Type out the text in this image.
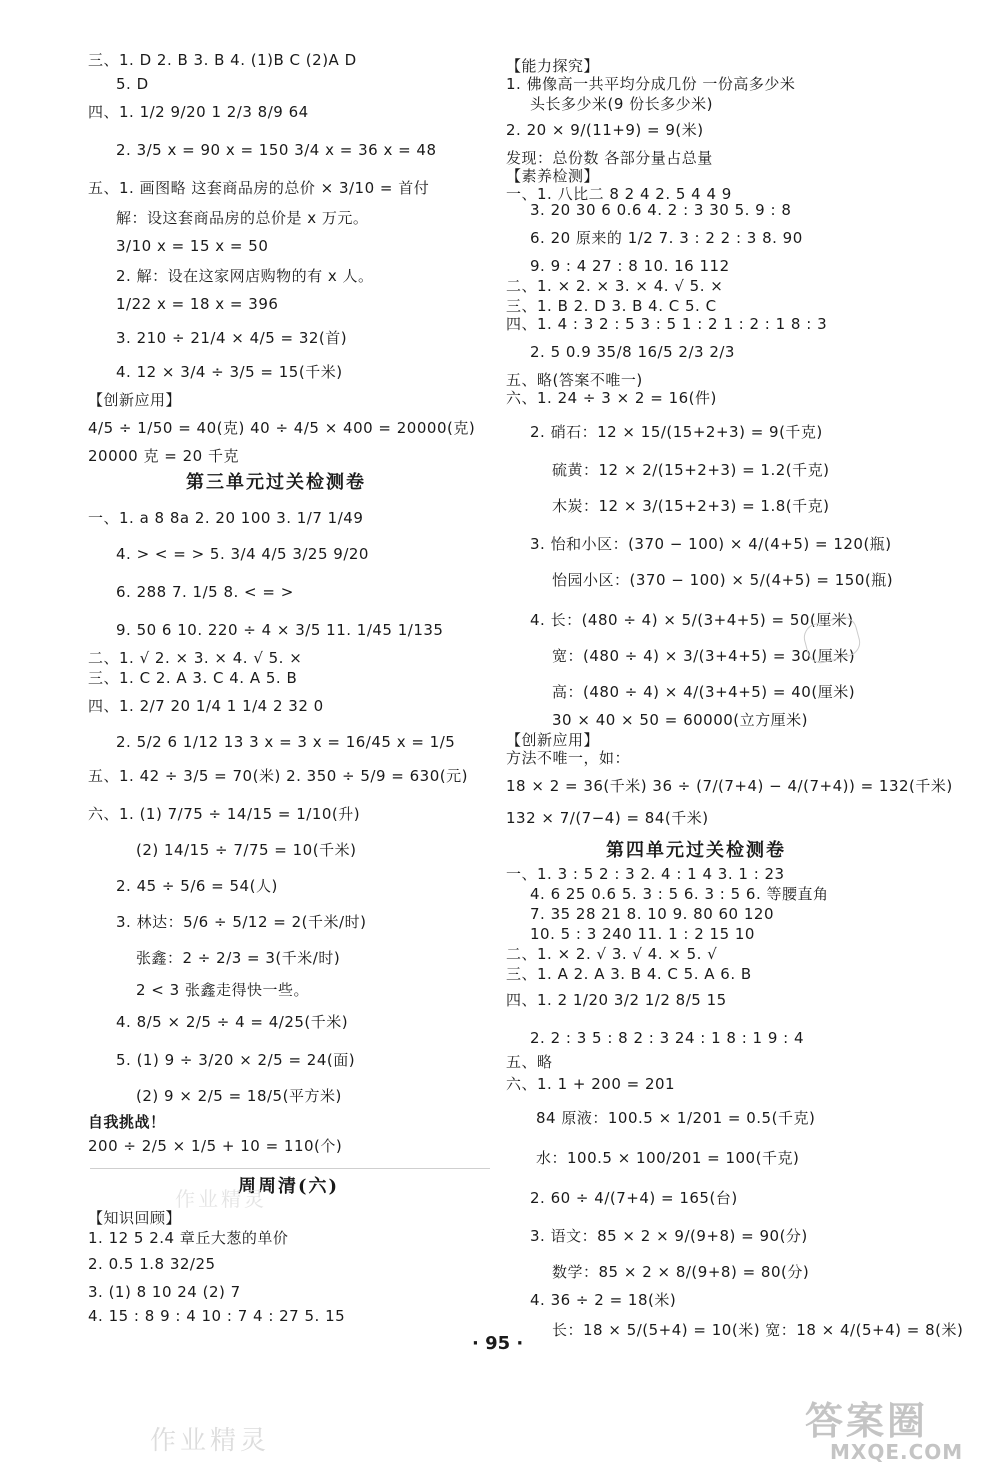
三、1. D 2. B 3. B 4. (1)B C (2)A D
5. D
四、1. 1/2 9/20 1 2/3 8/9 64
2. 3/5 x = 90 x = 150 3/4 x = 36 x = 48
五、1. 画图略 这套商品房的总价 × 3/10 = 首付
解：设这套商品房的总价是 x 万元。
3/10 x = 15 x = 50
2. 解：设在这家网店购物的有 x 人。
1/22 x = 18 x = 396
3. 210 ÷ 21/4 × 4/5 = 32(首)
4. 12 × 3/4 ÷ 3/5 = 15(千米)
【创新应用】
4/5 ÷ 1/50 = 40(克) 40 ÷ 4/5 × 400 = 20000(克)
20000 克 = 20 千克
第三单元过关检测卷
一、1. a 8 8a 2. 20 100 3. 1/7 1/49
4. > < = > 5. 3/4 4/5 3/25 9/20
6. 288 7. 1/5 8. < = >
9. 50 6 10. 220 ÷ 4 × 3/5 11. 1/45 1/135
二、1. √ 2. × 3. × 4. √ 5. ×
三、1. C 2. A 3. C 4. A 5. B
四、1. 2/7 20 1/4 1 1/4 2 32 0
2. 5/2 6 1/12 13 3 x = 3 x = 16/45 x = 1/5
五、1. 42 ÷ 3/5 = 70(米) 2. 350 ÷ 5/9 = 630(元)
六、1. (1) 7/75 ÷ 14/15 = 1/10(升)
(2) 14/15 ÷ 7/75 = 10(千米)
2. 45 ÷ 5/6 = 54(人)
3. 林达：5/6 ÷ 5/12 = 2(千米/时)
张鑫：2 ÷ 2/3 = 3(千米/时)
2 < 3 张鑫走得快一些。
4. 8/5 × 2/5 ÷ 4 = 4/25(千米)
5. (1) 9 ÷ 3/20 × 2/5 = 24(面)
(2) 9 × 2/5 = 18/5(平方米)
自我挑战！
200 ÷ 2/5 × 1/5 + 10 = 110(个)
周周清(六)
【知识回顾】
1. 12 5 2.4 章丘大葱的单价
2. 0.5 1.8 32/25
3. (1) 8 10 24 (2) 7
4. 15 : 8 9 : 4 10 : 7 4 : 27 5. 15
【能力探究】
1. 佛像高一共平均分成几份 一份高多少米
头长多少米(9 份长多少米)
2. 20 × 9/(11+9) = 9(米)
发现：总份数 各部分量占总量
【素养检测】
一、1. 八比二 8 2 4 2. 5 4 4 9
3. 20 30 6 0.6 4. 2 : 3 30 5. 9 : 8
6. 20 原来的 1/2 7. 3 : 2 2 : 3 8. 90
9. 9 : 4 27 : 8 10. 16 112
二、1. × 2. × 3. × 4. √ 5. ×
三、1. B 2. D 3. B 4. C 5. C
四、1. 4 : 3 2 : 5 3 : 5 1 : 2 1 : 2 : 1 8 : 3
2. 5 0.9 35/8 16/5 2/3 2/3
五、略(答案不唯一)
六、1. 24 ÷ 3 × 2 = 16(件)
2. 硝石：12 × 15/(15+2+3) = 9(千克)
硫黄：12 × 2/(15+2+3) = 1.2(千克)
木炭：12 × 3/(15+2+3) = 1.8(千克)
3. 怡和小区：(370 − 100) × 4/(4+5) = 120(瓶)
怡园小区：(370 − 100) × 5/(4+5) = 150(瓶)
4. 长：(480 ÷ 4) × 5/(3+4+5) = 50(厘米)
宽：(480 ÷ 4) × 3/(3+4+5) = 30(厘米)
高：(480 ÷ 4) × 4/(3+4+5) = 40(厘米)
30 × 40 × 50 = 60000(立方厘米)
【创新应用】
方法不唯一，如：
18 × 2 = 36(千米) 36 ÷ (7/(7+4) − 4/(7+4)) = 132(千米)
132 × 7/(7−4) = 84(千米)
第四单元过关检测卷
一、1. 3 : 5 2 : 3 2. 4 : 1 4 3. 1 : 23
4. 6 25 0.6 5. 3 : 5 6. 3 : 5 6. 等腰直角
7. 35 28 21 8. 10 9. 80 60 120
10. 5 : 3 240 11. 1 : 2 15 10
二、1. × 2. √ 3. √ 4. × 5. √
三、1. A 2. A 3. B 4. C 5. A 6. B
四、1. 2 1/20 3/2 1/2 8/5 15
2. 2 : 3 5 : 8 2 : 3 24 : 1 8 : 1 9 : 4
五、略
六、1. 1 + 200 = 201
84 原液：100.5 × 1/201 = 0.5(千克)
水：100.5 × 100/201 = 100(千克)
2. 60 ÷ 4/(7+4) = 165(台)
3. 语文：85 × 2 × 9/(9+8) = 90(分)
数学：85 × 2 × 8/(9+8) = 80(分)
4. 36 ÷ 2 = 18(米)
长：18 × 5/(5+4) = 10(米) 宽：18 × 4/(5+4) = 8(米)
· 95 ·
作业精灵
作业精灵	答案圈
MXQE.COM
